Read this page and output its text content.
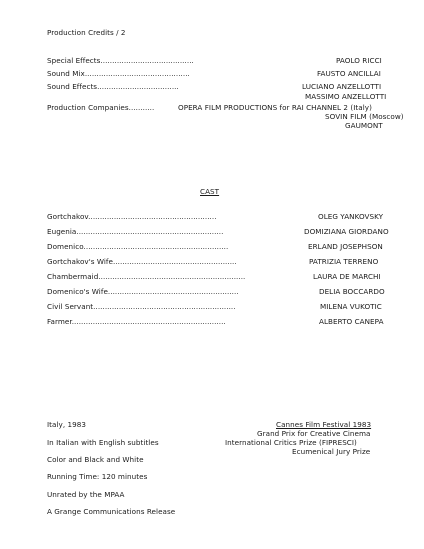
Production Credits / 2
Special Effects........................................	PAOLO RICCI
Sound Mix.............................................	FAUSTO ANCILLAI
Sound Effects...................................	LUCIANO ANZELLOTTI
MASSIMO ANZELLOTTI
Production Companies...........	OPERA FILM PRODUCTIONS for RAI CHANNEL 2 (Italy)
SOVIN FILM (Moscow)
GAUMONT
CAST
Gortchakov.......................................................	OLEG YANKOVSKY
Eugenia...............................................................	DOMIZIANA GIORDANO
Domenico..............................................................	ERLAND JOSEPHSON
Gortchakov's Wife.....................................................	PATRIZIA TERRENO
Chambermaid...............................................................	LAURA DE MARCHI
Domenico's Wife........................................................	DELIA BOCCARDO
Civil Servant.............................................................	MILENA VUKOTIC
Farmer..................................................................	ALBERTO CANEPA
Italy, 1983
In Italian with English subtitles
Color and Black and White
Running Time: 120 minutes
Unrated by the MPAA
A Grange Communications Release
Cannes Film Festival 1983
Grand Prix for Creative Cinema
International Critics Prize (FIPRESCI)
Ecumenical Jury Prize
